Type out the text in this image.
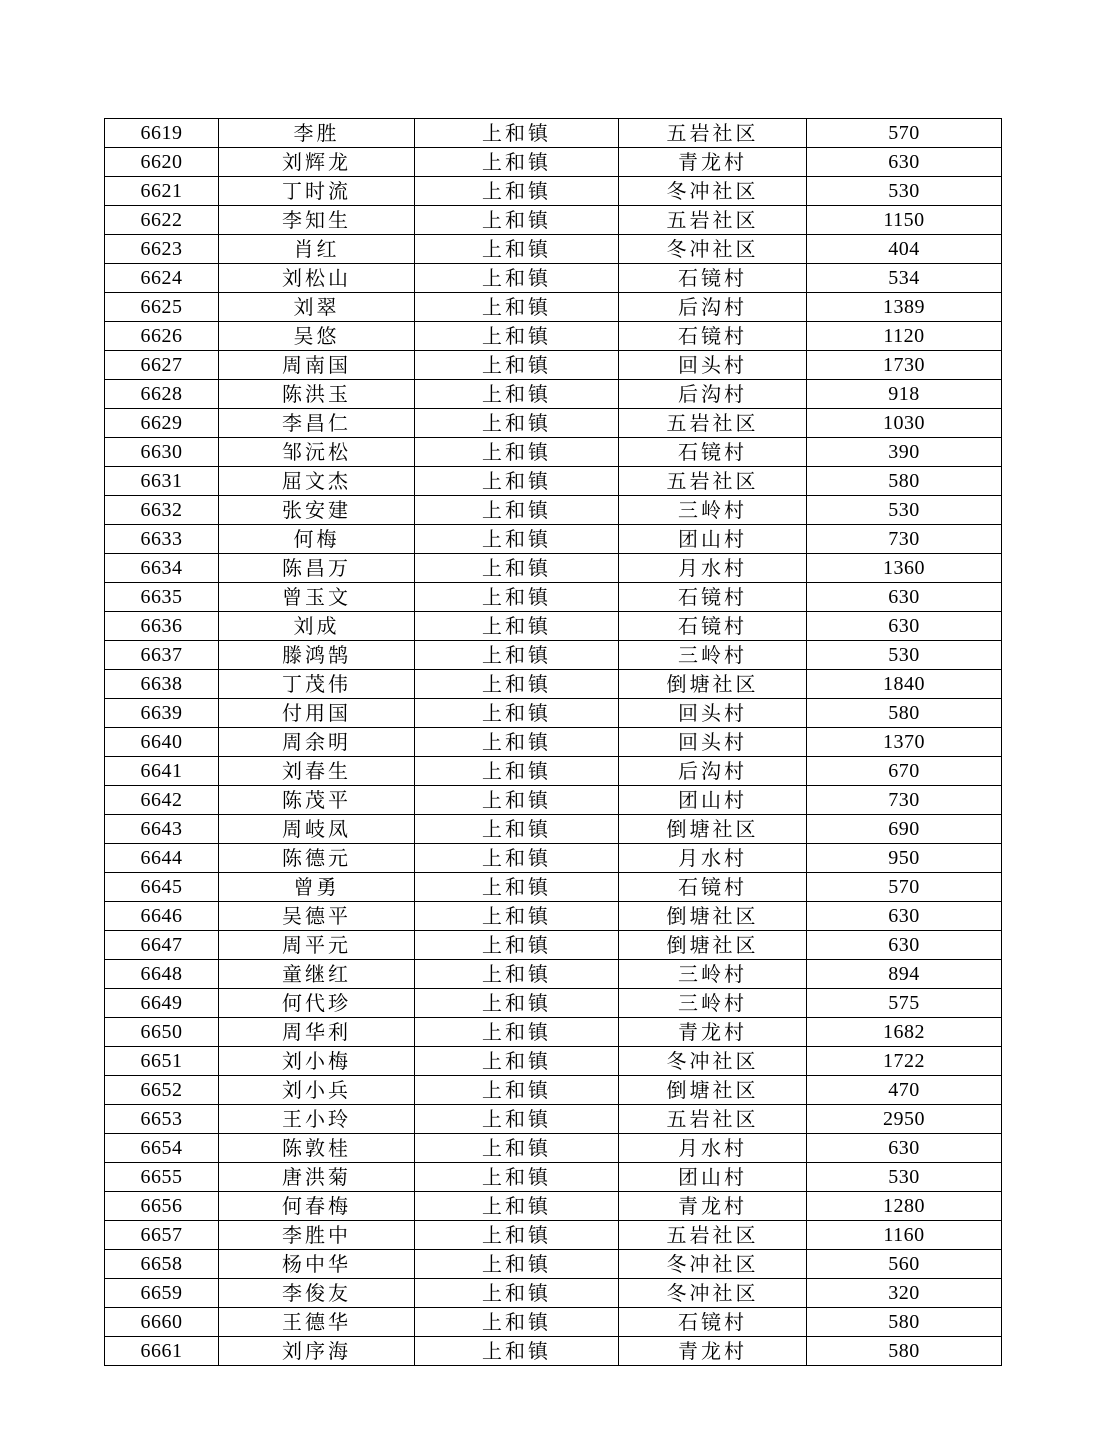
6619	李胜	上和镇	五岩社区	570
6620	刘辉龙	上和镇	青龙村	630
6621	丁时流	上和镇	冬冲社区	530
6622	李知生	上和镇	五岩社区	1150
6623	肖红	上和镇	冬冲社区	404
6624	刘松山	上和镇	石镜村	534
6625	刘翠	上和镇	后沟村	1389
6626	吴悠	上和镇	石镜村	1120
6627	周南国	上和镇	回头村	1730
6628	陈洪玉	上和镇	后沟村	918
6629	李昌仁	上和镇	五岩社区	1030
6630	邹沅松	上和镇	石镜村	390
6631	屈文杰	上和镇	五岩社区	580
6632	张安建	上和镇	三岭村	530
6633	何梅	上和镇	团山村	730
6634	陈昌万	上和镇	月水村	1360
6635	曾玉文	上和镇	石镜村	630
6636	刘成	上和镇	石镜村	630
6637	滕鸿鹄	上和镇	三岭村	530
6638	丁茂伟	上和镇	倒塘社区	1840
6639	付用国	上和镇	回头村	580
6640	周余明	上和镇	回头村	1370
6641	刘春生	上和镇	后沟村	670
6642	陈茂平	上和镇	团山村	730
6643	周岐凤	上和镇	倒塘社区	690
6644	陈德元	上和镇	月水村	950
6645	曾勇	上和镇	石镜村	570
6646	吴德平	上和镇	倒塘社区	630
6647	周平元	上和镇	倒塘社区	630
6648	童继红	上和镇	三岭村	894
6649	何代珍	上和镇	三岭村	575
6650	周华利	上和镇	青龙村	1682
6651	刘小梅	上和镇	冬冲社区	1722
6652	刘小兵	上和镇	倒塘社区	470
6653	王小玲	上和镇	五岩社区	2950
6654	陈敦桂	上和镇	月水村	630
6655	唐洪菊	上和镇	团山村	530
6656	何春梅	上和镇	青龙村	1280
6657	李胜中	上和镇	五岩社区	1160
6658	杨中华	上和镇	冬冲社区	560
6659	李俊友	上和镇	冬冲社区	320
6660	王德华	上和镇	石镜村	580
6661	刘序海	上和镇	青龙村	580
